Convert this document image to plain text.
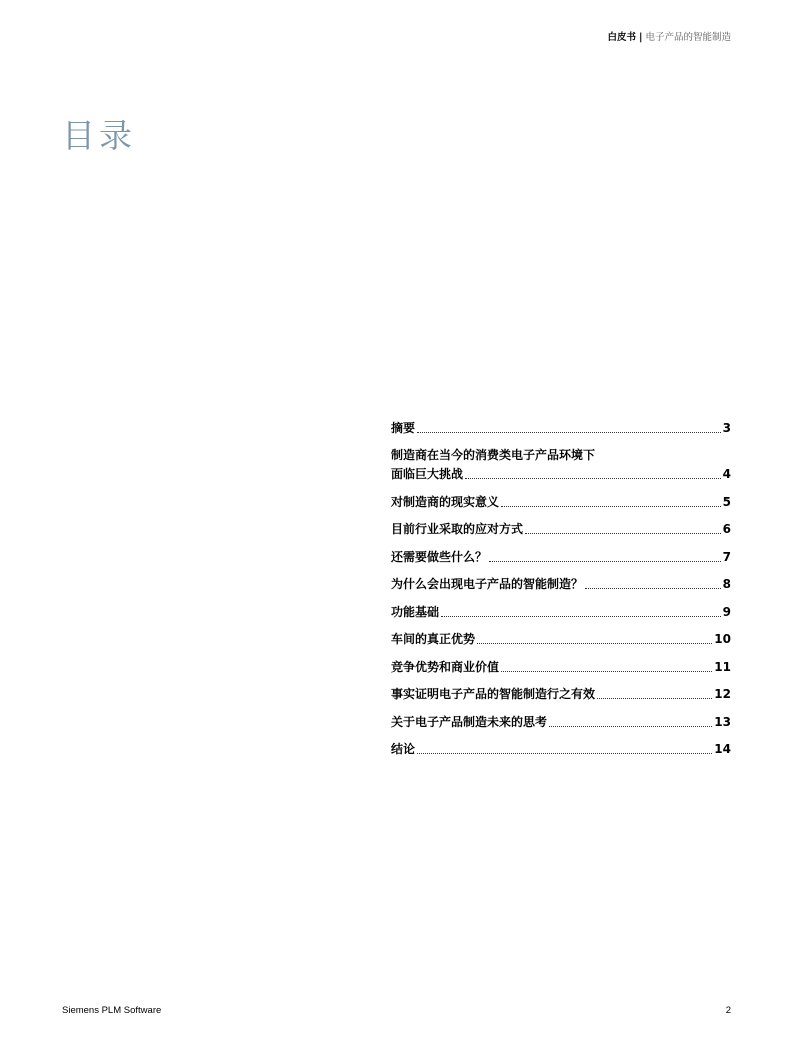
白皮书 | 电子产品的智能制造
目录
摘要	3
制造商在当今的消费类电子产品环境下
面临巨大挑战	4
对制造商的现实意义	5
目前行业采取的应对方式	6
还需要做些什么？	7
为什么会出现电子产品的智能制造？	8
功能基础	9
车间的真正优势	10
竞争优势和商业价值	11
事实证明电子产品的智能制造行之有效	12
关于电子产品制造未来的思考	13
结论	14
Siemens PLM Software	2
